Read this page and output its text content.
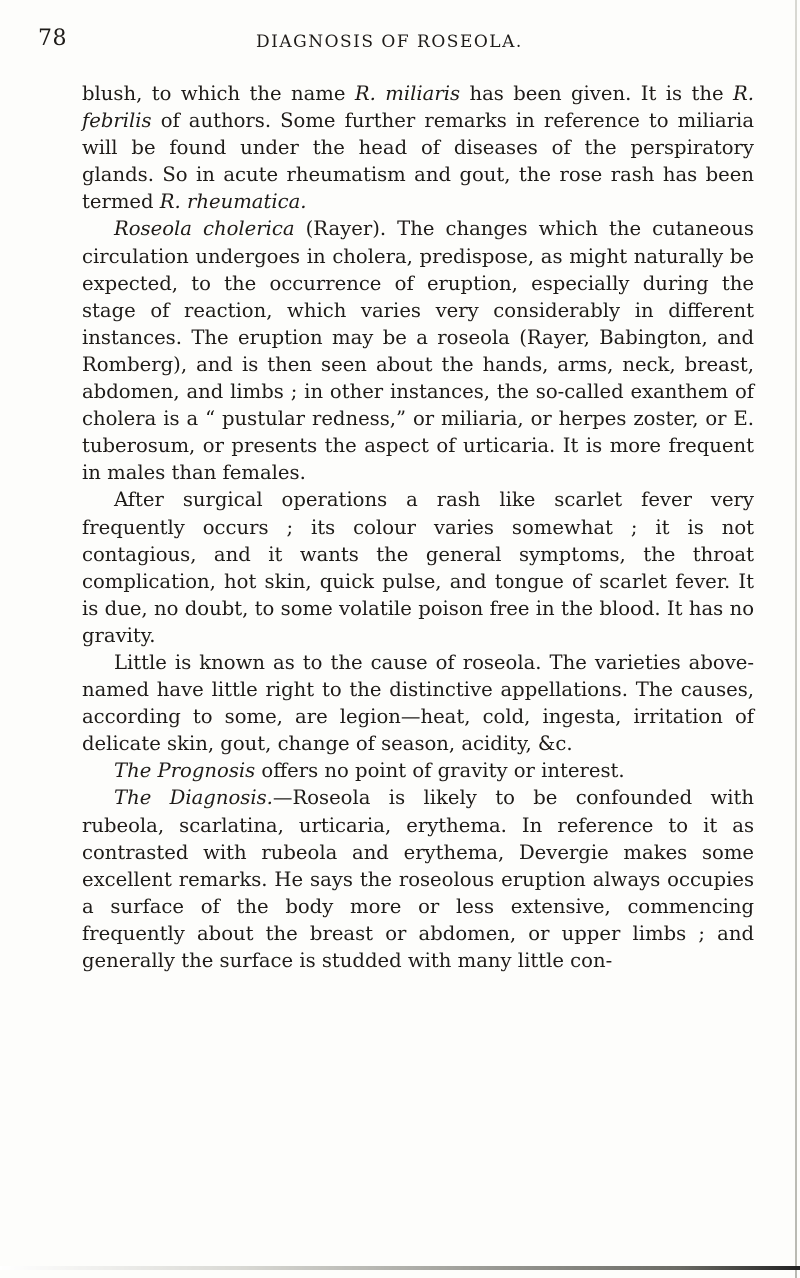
78	DIAGNOSIS OF ROSEOLA.

blush, to which the name R. miliaris has been given. It is the R. febrilis of authors. Some further remarks in reference to miliaria will be found under the head of diseases of the perspiratory glands. So in acute rheumatism and gout, the rose rash has been termed R. rheumatica.

Roseola cholerica (Rayer). The changes which the cutaneous circulation undergoes in cholera, predispose, as might naturally be expected, to the occurrence of eruption, especially during the stage of reaction, which varies very considerably in different instances. The eruption may be a roseola (Rayer, Babington, and Romberg), and is then seen about the hands, arms, neck, breast, abdomen, and limbs ; in other instances, the so-called exanthem of cholera is a “ pustular redness,” or miliaria, or herpes zoster, or E. tuberosum, or presents the aspect of urticaria. It is more frequent in males than females.

After surgical operations a rash like scarlet fever very frequently occurs ; its colour varies somewhat ; it is not contagious, and it wants the general symptoms, the throat complication, hot skin, quick pulse, and tongue of scarlet fever. It is due, no doubt, to some volatile poison free in the blood. It has no gravity.

Little is known as to the cause of roseola. The varieties above-named have little right to the distinctive appellations. The causes, according to some, are legion—heat, cold, ingesta, irritation of delicate skin, gout, change of season, acidity, &c.

The Prognosis offers no point of gravity or interest.

The Diagnosis.—Roseola is likely to be confounded with rubeola, scarlatina, urticaria, erythema. In reference to it as contrasted with rubeola and erythema, Devergie makes some excellent remarks. He says the roseolous eruption always occupies a surface of the body more or less extensive, commencing frequently about the breast or abdomen, or upper limbs ; and generally the surface is studded with many little con-
